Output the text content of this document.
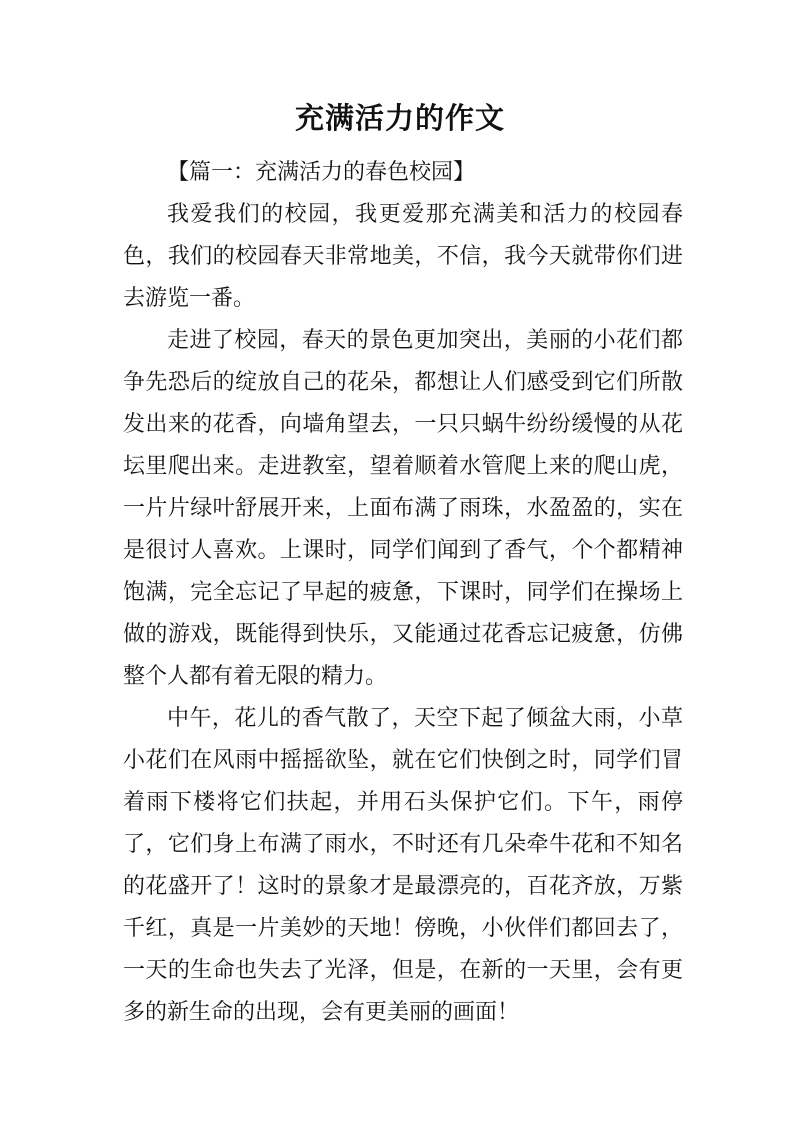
充满活力的作文

【篇一：充满活力的春色校园】

我爱我们的校园，我更爱那充满美和活力的校园春色，我们的校园春天非常地美，不信，我今天就带你们进去游览一番。

走进了校园，春天的景色更加突出，美丽的小花们都争先恐后的绽放自己的花朵，都想让人们感受到它们所散发出来的花香，向墙角望去，一只只蜗牛纷纷缓慢的从花坛里爬出来。走进教室，望着顺着水管爬上来的爬山虎，一片片绿叶舒展开来，上面布满了雨珠，水盈盈的，实在是很讨人喜欢。上课时，同学们闻到了香气，个个都精神饱满，完全忘记了早起的疲惫，下课时，同学们在操场上做的游戏，既能得到快乐，又能通过花香忘记疲惫，仿佛整个人都有着无限的精力。

中午，花儿的香气散了，天空下起了倾盆大雨，小草小花们在风雨中摇摇欲坠，就在它们快倒之时，同学们冒着雨下楼将它们扶起，并用石头保护它们。下午，雨停了，它们身上布满了雨水，不时还有几朵牵牛花和不知名的花盛开了！这时的景象才是最漂亮的，百花齐放，万紫千红，真是一片美妙的天地！傍晚，小伙伴们都回去了，一天的生命也失去了光泽，但是，在新的一天里，会有更多的新生命的出现，会有更美丽的画面！
